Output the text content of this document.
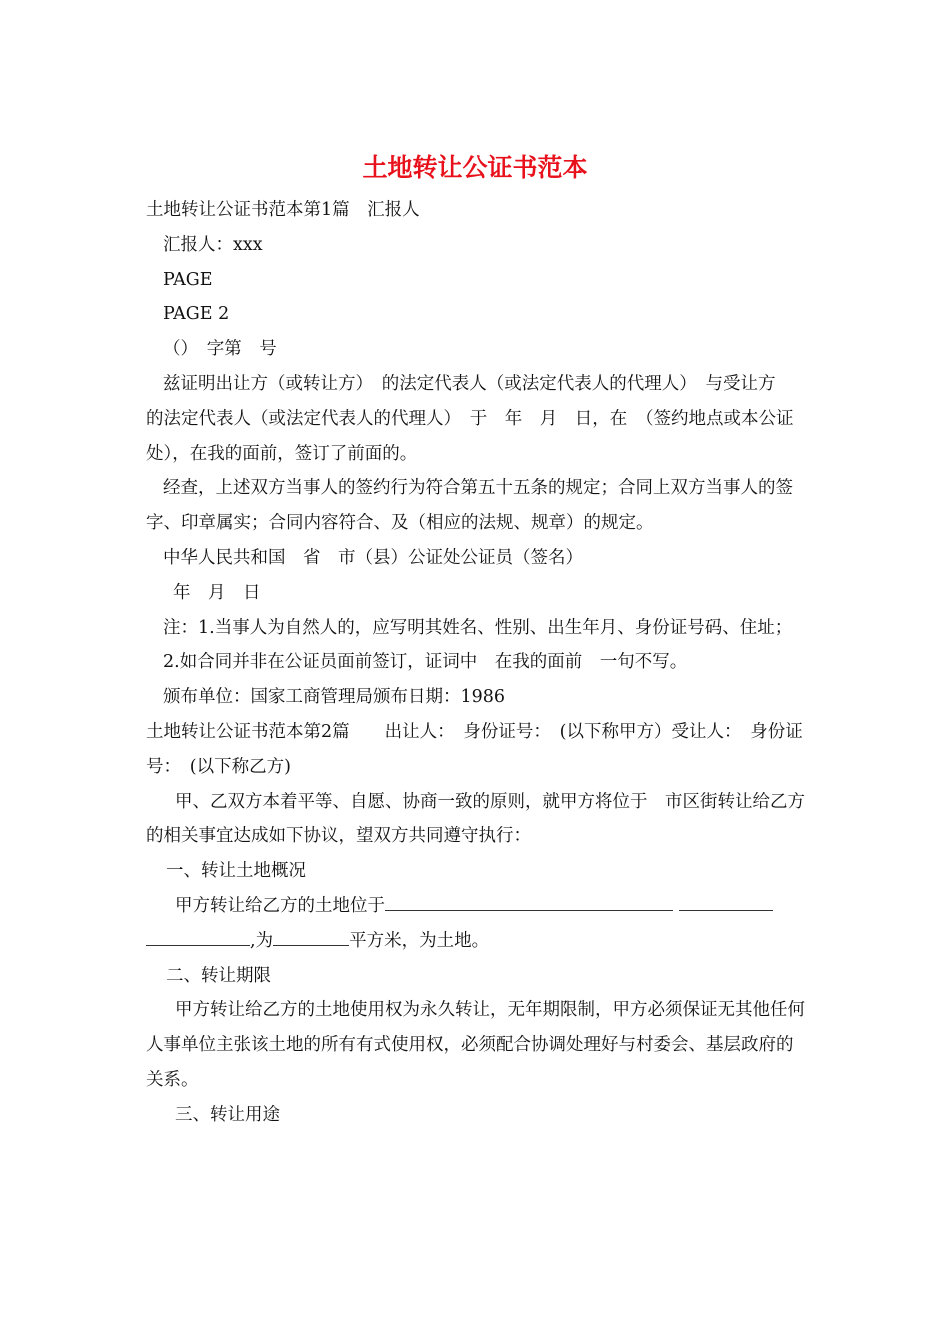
土地转让公证书范本

土地转让公证书范本第1篇　汇报人

汇报人：xxx

PAGE

PAGE 2

（）　字第　号

兹证明出让方（或转让方）　的法定代表人（或法定代表人的代理人）　与受让方　的法定代表人（或法定代表人的代理人）　于　年　月　日，在　（签约地点或本公证处），在我的面前，签订了前面的。

经查，上述双方当事人的签约行为符合第五十五条的规定；合同上双方当事人的签字、印章属实；合同内容符合、及（相应的法规、规章）的规定。

中华人民共和国　省　市（县）公证处公证员（签名）

年　月　日

注：1.当事人为自然人的，应写明其姓名、性别、出生年月、身份证号码、住址；

2.如合同并非在公证员面前签订，证词中　在我的面前　一句不写。

颁布单位：国家工商管理局颁布日期：1986

土地转让公证书范本第2篇　　出让人：　身份证号：　(以下称甲方）受让人：　身份证号：　(以下称乙方)

甲、乙双方本着平等、自愿、协商一致的原则，就甲方将位于　市区街转让给乙方的相关事宜达成如下协议，望双方共同遵守执行：

一、转让土地概况

甲方转让给乙方的土地位于
,为	平方米，为土地。

二、转让期限

甲方转让给乙方的土地使用权为永久转让，无年期限制，甲方必须保证无其他任何人事单位主张该土地的所有有式使用权，必须配合协调处理好与村委会、基层政府的关系。

三、转让用途
